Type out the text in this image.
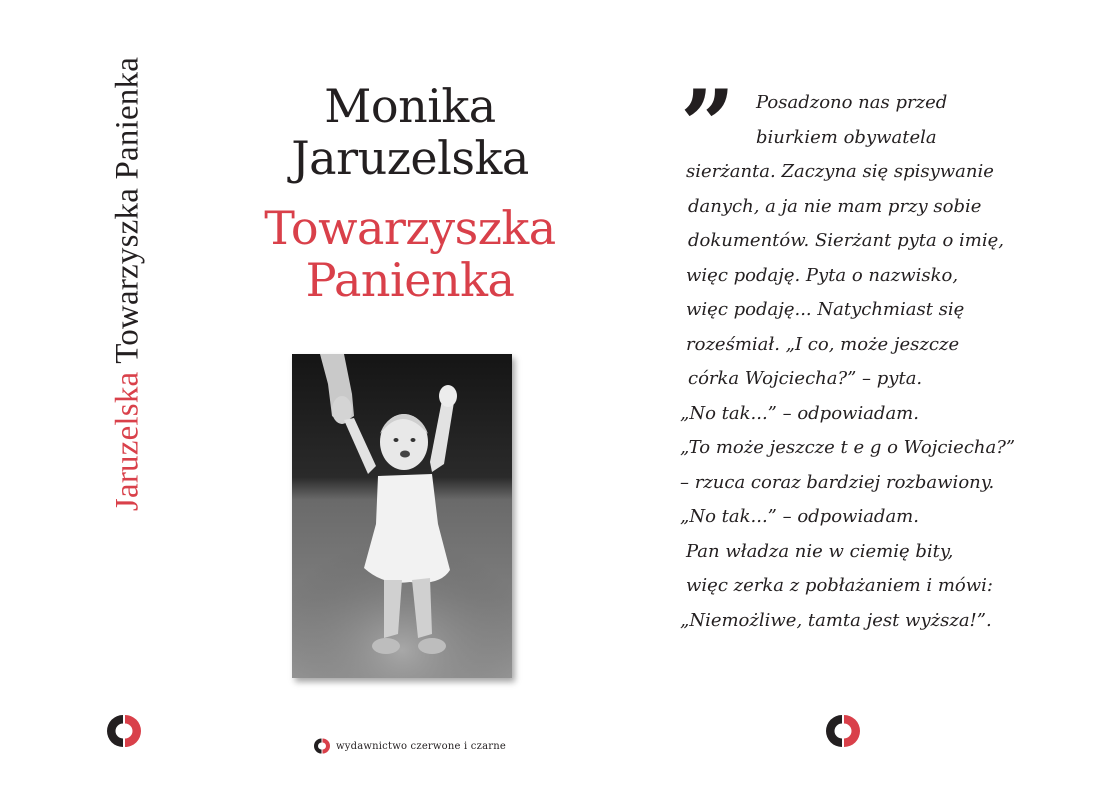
Jaruzelska Towarzyszka Panienka	Monika
Jaruzelska
Towarzyszka
Panienka
wydawnictwo czerwone i czarne
”	Posadzono nas przed
biurkiem obywatela
sierżanta. Zaczyna się spisywanie
danych, a ja nie mam przy sobie
dokumentów. Sierżant pyta o imię,
więc podaję. Pyta o nazwisko,
więc podaję... Natychmiast się
roześmiał. „I co, może jeszcze
córka Wojciecha?” – pyta.
„No tak...” – odpowiadam.
„To może jeszcze t e g o Wojciecha?”
– rzuca coraz bardziej rozbawiony.
„No tak...” – odpowiadam.
Pan władza nie w ciemię bity,
więc zerka z pobłażaniem i mówi:
„Niemożliwe, tamta jest wyższa!”.
